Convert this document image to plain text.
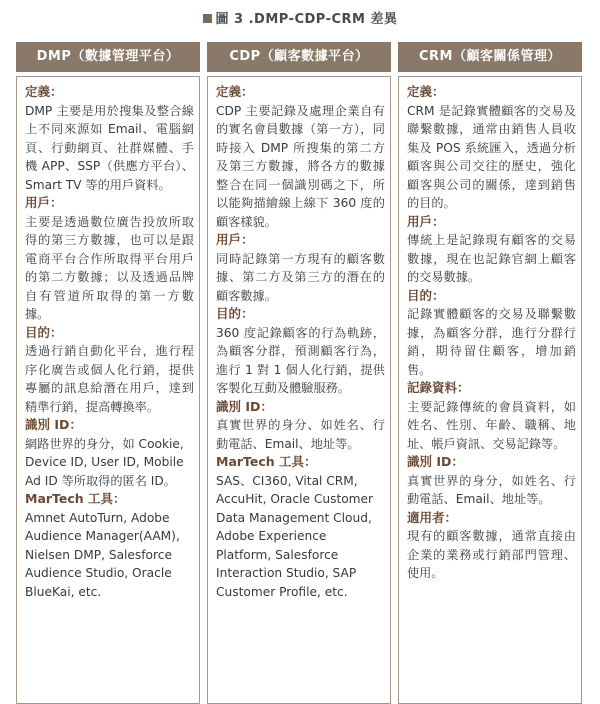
圖 3 .DMP-CDP-CRM 差異
DMP（數據管理平台）
定義：
DMP 主要是用於搜集及整合線上不同來源如 Email、電腦網頁、行動網頁、社群媒體、手機 APP、SSP（供應方平台）、Smart TV 等的用戶資料。
用戶：
主要是透過數位廣告投放所取得的第三方數據，也可以是跟電商平台合作所取得平台用戶的第二方數據；以及透過品牌自有管道所取得的第一方數據。
目的：
透過行銷自動化平台，進行程序化廣告或個人化行銷，提供專屬的訊息給潛在用戶，達到精準行銷，提高轉換率。
識別 ID：
網路世界的身分，如 Cookie, Device ID, User ID, Mobile Ad ID 等所取得的匿名 ID。
MarTech 工具：
Amnet AutoTurn, Adobe Audience Manager(AAM), Nielsen DMP, Salesforce Audience Studio, Oracle BlueKai, etc.
CDP（顧客數據平台）
定義：
CDP 主要記錄及處理企業自有的實名會員數據（第一方），同時接入 DMP 所搜集的第二方及第三方數據，將各方的數據整合在同一個識別碼之下，所以能夠描繪線上線下 360 度的顧客樣貌。
用戶：
同時記錄第一方現有的顧客數據、第二方及第三方的潛在的顧客數據。
目的：
360 度記錄顧客的行為軌跡，為顧客分群，預測顧客行為，進行 1 對 1 個人化行銷，提供客製化互動及體驗服務。
識別 ID：
真實世界的身分、如姓名、行動電話、Email、地址等。
MarTech 工具：
SAS、CI360, Vital CRM, AccuHit, Oracle Customer Data Management Cloud, Adobe Experience Platform, Salesforce Interaction Studio, SAP Customer Profile, etc.
CRM（顧客關係管理）
定義：
CRM 是記錄實體顧客的交易及聯繫數據，通常由銷售人員收集及 POS 系統匯入，透過分析顧客與公司交往的歷史，強化顧客與公司的關係，達到銷售的目的。
用戶：
傳統上是記錄現有顧客的交易數據，現在也記錄官網上顧客的交易數據。
目的：
記錄實體顧客的交易及聯繫數據，為顧客分群，進行分群行銷，期待留住顧客，增加銷售。
記錄資料：
主要記錄傳統的會員資料，如姓名、性別、年齡、職稱、地址、帳戶資訊、交易記錄等。
識別 ID：
真實世界的身分，如姓名、行動電話、Email、地址等。
適用者：
現有的顧客數據，通常直接由企業的業務或行銷部門管理、使用。
